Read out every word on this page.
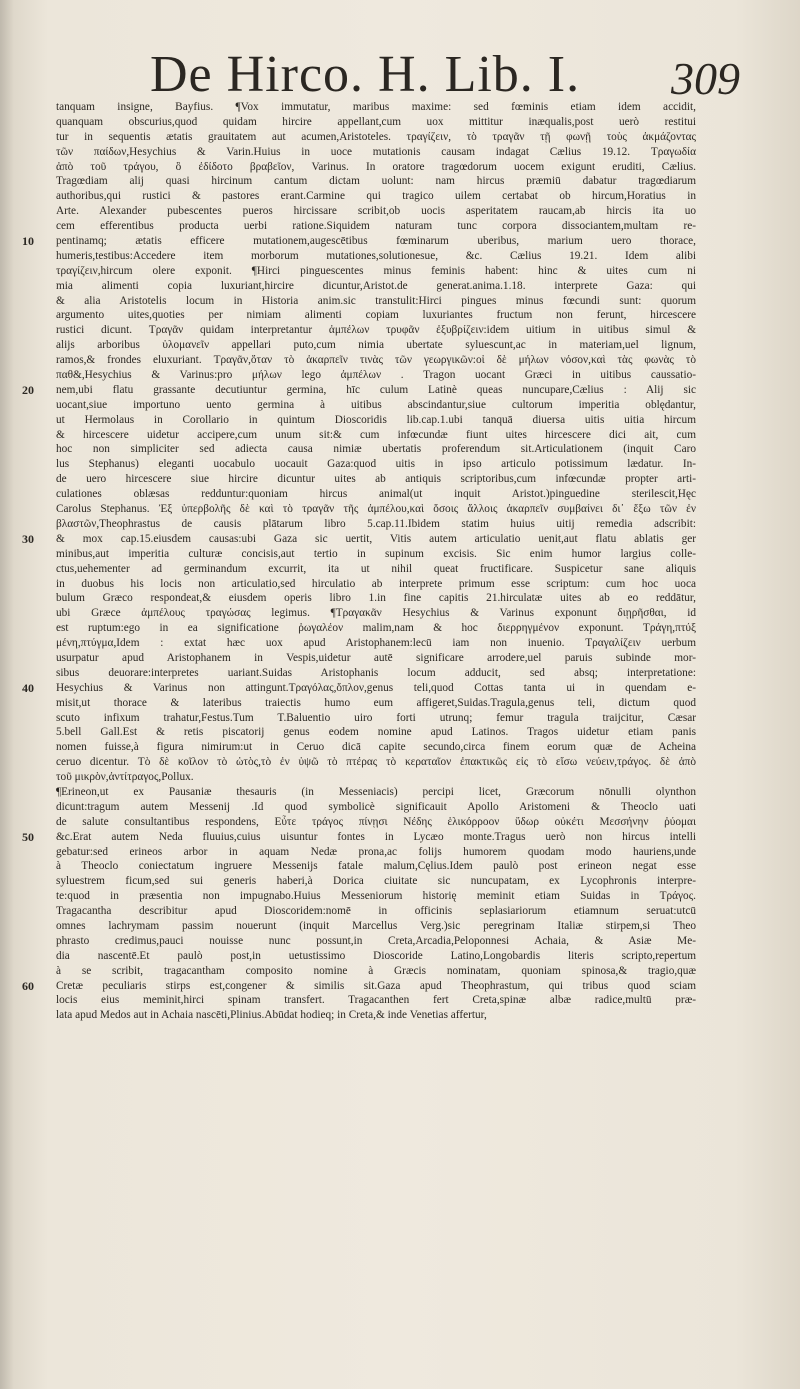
De Hirco. H. Lib. I. 309
10
20
30
40
50
60
tanquam insigne, Bayfius. ¶Vox immutatur, maribus maxime: sed fœminis etiam idem accidit,
quanquam obscurius,quod quidam hircire appellant,cum uox mittitur inæqualis,post uerò restitui
tur in sequentis ætatis grauitatem aut acumen,Aristoteles. τραγίζειν, τὸ τραγᾶν τῇ φωνῇ τοὺς ἀκμάζοντας
τῶν παίδων,Hesychius & Varin.Huius in uoce mutationis causam indagat Cælius 19.12. Τραγωδία
ἀπὸ τοῦ τράγου, ὃ ἐδίδοτο βραβεῖον, Varinus. In oratore tragœdorum uocem exigunt eruditi, Cælius.
Tragœdiam alij quasi hircinum cantum dictam uolunt: nam hircus præmiū dabatur tragœdiarum
authoribus,qui rustici & pastores erant.Carmine qui tragico uilem certabat ob hircum,Horatius in
Arte. Alexander pubescentes pueros hircissare scribit,ob uocis asperitatem raucam,ab hircis ita uo
cem efferentibus producta uerbi ratione.Siquidem naturam tunc corpora dissociantem,multam re-
pentinamq; ætatis efficere mutationem,augescētibus fœminarum uberibus, marium uero thorace,
humeris,testibus:Accedere item morborum mutationes,solutionesue, &c. Cælius 19.21. Idem alibi
τραγίζειν,hircum olere exponit. ¶Hirci pinguescentes minus feminis habent: hinc & uites cum ni
mia alimenti copia luxuriant,hircire dicuntur,Aristot.de generat.anima.1.18. interprete Gaza: qui
& alia Aristotelis locum in Historia anim.sic transtulit:Hirci pingues minus fœcundi sunt: quorum
argumento uites,quoties per nimiam alimenti copiam luxuriantes fructum non ferunt, hircescere
rustici dicunt. Τραγᾶν quidam interpretantur ἀμπέλων τρυφᾶν ἐξυβρίζειν:idem uitium in uitibus simul &
alijs arboribus ὑλομανεῖν appellari puto,cum nimia ubertate syluescunt,ac in materiam,uel lignum,
ramos,& frondes eluxuriant. Τραγᾶν,ὅταν τὸ ἀκαρπεῖν τινὰς τῶν γεωργικῶν:οἱ δὲ μήλων νόσον,καὶ τὰς φωνὰς τὸ
παθ&,Hesychius & Varinus:pro μήλων lego ἀμπέλων . Tragon uocant Græci in uitibus caussatio-
nem,ubi flatu grassante decutiuntur germina, hīc culum Latinè queas nuncupare,Cælius : Alij sic
uocant,siue importuno uento germina à uitibus abscindantur,siue cultorum imperitia oblędantur,
ut Hermolaus in Corollario in quintum Dioscoridis lib.cap.1.ubi tanquā diuersa uitis uitia hircum
& hircescere uidetur accipere,cum unum sit:& cum infœcundæ fiunt uites hircescere dici ait, cum
hoc non simpliciter sed adiecta causa nimiæ ubertatis proferendum sit.Articulationem (inquit Caro
lus Stephanus) eleganti uocabulo uocauit Gaza:quod uitis in ipso articulo potissimum lædatur. In-
de uero hircescere siue hircire dicuntur uites ab antiquis scriptoribus,cum infœcundæ propter arti-
culationes oblæsas redduntur:quoniam hircus animal(ut inquit Aristot.)pinguedine sterilescit,Hęc
Carolus Stephanus. Ἐξ ὑπερβολῆς δὲ καὶ τὸ τραγᾶν τῆς ἀμπέλου,καὶ ὅσοις ἄλλοις ἀκαρπεῖν συμβαίνει δι᾽ ἔξω τῶν ἐν
βλαστῶν,Theophrastus de causis plātarum libro 5.cap.11.Ibidem statim huius uitij remedia adscribit:
& mox cap.15.eiusdem causas:ubi Gaza sic uertit, Vitis autem articulatio uenit,aut flatu ablatis ger
minibus,aut imperitia culturæ concisis,aut tertio in supinum excisis. Sic enim humor largius colle-
ctus,uehementer ad germinandum excurrit, ita ut nihil queat fructificare. Suspicetur sane aliquis
in duobus his locis non articulatio,sed hirculatio ab interprete primum esse scriptum: cum hoc uoca
bulum Græco respondeat,& eiusdem operis libro 1.in fine capitis 21.hirculatæ uites ab eo reddātur,
ubi Græce ἀμπέλους τραγώσας legimus. ¶Τραγακᾶν Hesychius & Varinus exponunt διῃρῆσθαι, id
est ruptum:ego in ea significatione ῥωγαλέον malim,nam & hoc διερρηγμένον exponunt. Τράγη,πτύξ
μένη,πτύγμα,Idem : extat hæc uox apud Aristophanem:lecū iam non inuenio. Τραγαλίζειν uerbum
usurpatur apud Aristophanem in Vespis,uidetur autē significare arrodere,uel paruis subinde mor-
sibus deuorare:interpretes uariant.Suidas Aristophanis locum adducit, sed absq; interpretatione:
Hesychius & Varinus non attingunt.Τραγόλας,ὅπλον,genus teli,quod Cottas tanta ui in quendam e-
misit,ut thorace & lateribus traiectis humo eum affigeret,Suidas.Tragula,genus teli, dictum quod
scuto infixum trahatur,Festus.Tum T.Baluentio uiro forti utrunq; femur tragula traijcitur, Cæsar
5.bell Gall.Est & retis piscatorij genus eodem nomine apud Latinos. Tragos uidetur etiam panis
nomen fuisse,à figura nimirum:ut in Ceruo dicā capite secundo,circa finem eorum quæ de Acheina
ceruo dicentur. Τὸ δὲ κοῖλον τὸ ὠτὸς,τὸ ἐν ὑψῶ τὸ πτέρας τὸ κεραταῖον ἐπακτικῶς εἰς τὸ εἴσω νεύειν,τράγος. δὲ ἀπὸ
τοῦ μικρὸν,ἀντίτραγος,Pollux.
¶Erineon,ut ex Pausaniæ thesauris (in Messeniacis) percipi licet, Græcorum nōnulli olynthon
dicunt:tragum autem Messenij .Id quod symbolicè significauit Apollo Aristomeni & Theoclo uati
de salute consultantibus respondens, Εὖτε τράγος πίνῃσι Νέδης ἑλικόρροον ὕδωρ οὐκέτι Μεσσήνην ῥύομαι
&c.Erat autem Neda fluuius,cuius uisuntur fontes in Lycæo monte.Tragus uerò non hircus intelli
gebatur:sed erineos arbor in aquam Nedæ prona,ac folijs humorem quodam modo hauriens,unde
à Theoclo coniectatum ingruere Messenijs fatale malum,Cęlius.Idem paulò post erineon negat esse
syluestrem ficum,sed sui generis haberi,à Dorica ciuitate sic nuncupatam, ex Lycophronis interpre-
te:quod in præsentia non impugnabo.Huius Messeniorum historię meminit etiam Suidas in Τράγος.
Tragacantha describitur apud Dioscoridem:nomē in officinis seplasiariorum etiamnum seruat:utcū
omnes lachrymam passim nouerunt (inquit Marcellus Verg.)sic peregrinam Italiæ stirpem,si Theo
phrasto credimus,pauci nouisse nunc possunt,in Creta,Arcadia,Peloponnesi Achaia, & Asiæ Me-
dia nascentē.Et paulò post,in uetustissimo Dioscoride Latino,Longobardis literis scripto,repertum
à se scribit, tragacantham composito nomine à Græcis nominatam, quoniam spinosa,& tragio,quæ
Cretæ peculiaris stirps est,congener & similis sit.Gaza apud Theophrastum, qui tribus quod sciam
locis eius meminit,hirci spinam transfert. Tragacanthen fert Creta,spinæ albæ radice,multū præ-
lata apud Medos aut in Achaia nascēti,Plinius.Abūdat hodieq; in Creta,& inde Venetias affertur,
